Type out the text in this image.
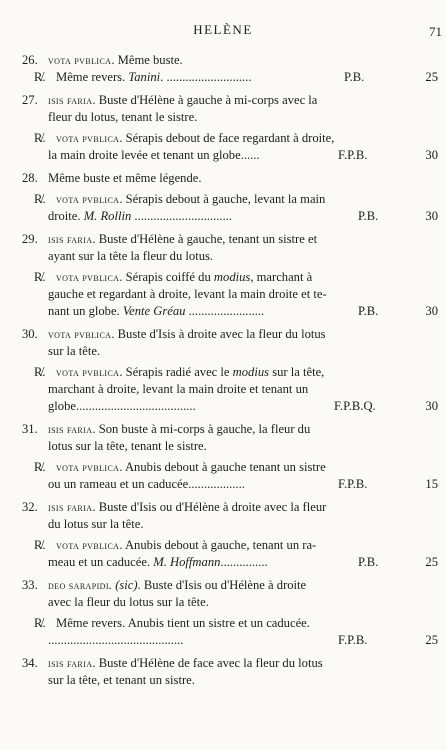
HELÈNE	71
26. vota pvblica. Même buste.
R̸. Même revers. Tanini. ...........................	P.B.	25
27. isis faria. Buste d'Hélène à gauche à mi-corps avec la
fleur du lotus, tenant le sistre.
R̸. vota pvblica. Sérapis debout de face regardant à droite,
la main droite levée et tenant un globe......	F.P.B.	30
28. Même buste et même légende.
R̸. vota pvblica. Sérapis debout à gauche, levant la main
droite. M. Rollin ...............................	P.B.	30
29. isis faria. Buste d'Hélène à gauche, tenant un sistre et
ayant sur la tête la fleur du lotus.
R̸. vota pvblica. Sérapis coiffé du modius, marchant à
gauche et regardant à droite, levant la main droite et te-
nant un globe. Vente Gréau ........................	P.B.	30
30. vota pvblica. Buste d'Isis à droite avec la fleur du lotus
sur la tête.
R̸. vota pvblica. Sérapis radié avec le modius sur la tête,
marchant à droite, levant la main droite et tenant un
globe......................................	F.P.B.Q.	30
31. isis faria. Son buste à mi-corps à gauche, la fleur du
lotus sur la tête, tenant le sistre.
R̸. vota pvblica. Anubis debout à gauche tenant un sistre
ou un rameau et un caducée..................	F.P.B.	15
32. isis faria. Buste d'Isis ou d'Hélène à droite avec la fleur
du lotus sur la tête.
R̸. vota pvblica. Anubis debout à gauche, tenant un ra-
meau et un caducée. M. Hoffmann...............	P.B.	25
33. deo sarapidi. (sic). Buste d'Isis ou d'Hélène à droite
avec la fleur du lotus sur la tête.
R̸. Même revers. Anubis tient un sistre et un caducée.
...........................................	F.P.B.	25
34. isis faria. Buste d'Hélène de face avec la fleur du lotus
sur la tête, et tenant un sistre.
